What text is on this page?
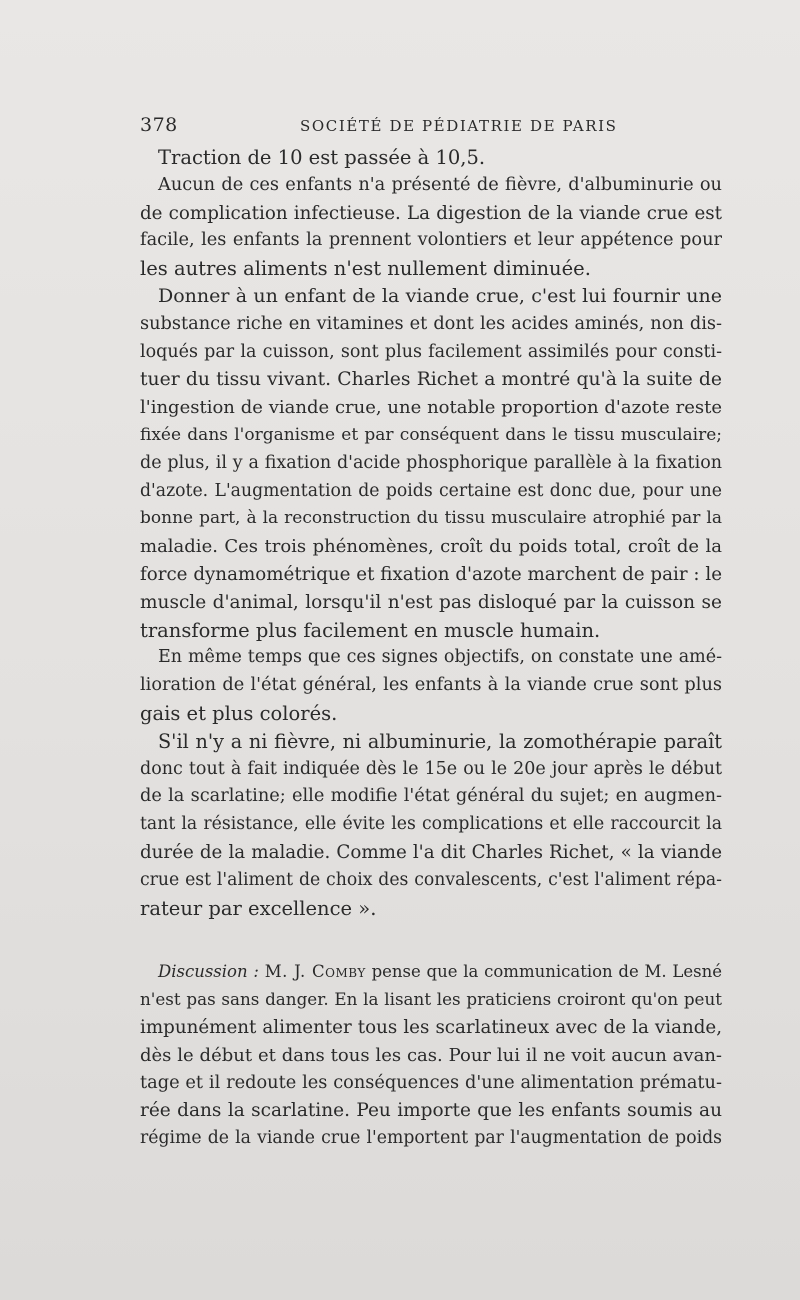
378	SOCIÉTÉ DE PÉDIATRIE DE PARIS
Traction de 10 est passée à 10,5.
Aucun de ces enfants n'a présenté de fièvre, d'albuminurie ou
de complication infectieuse. La digestion de la viande crue est
facile, les enfants la prennent volontiers et leur appétence pour
les autres aliments n'est nullement diminuée.
Donner à un enfant de la viande crue, c'est lui fournir une
substance riche en vitamines et dont les acides aminés, non dis-
loqués par la cuisson, sont plus facilement assimilés pour consti-
tuer du tissu vivant. Charles Richet a montré qu'à la suite de
l'ingestion de viande crue, une notable proportion d'azote reste
fixée dans l'organisme et par conséquent dans le tissu musculaire;
de plus, il y a fixation d'acide phosphorique parallèle à la fixation
d'azote. L'augmentation de poids certaine est donc due, pour une
bonne part, à la reconstruction du tissu musculaire atrophié par la
maladie. Ces trois phénomènes, croît du poids total, croît de la
force dynamométrique et fixation d'azote marchent de pair : le
muscle d'animal, lorsqu'il n'est pas disloqué par la cuisson se
transforme plus facilement en muscle humain.
En même temps que ces signes objectifs, on constate une amé-
lioration de l'état général, les enfants à la viande crue sont plus
gais et plus colorés.
S'il n'y a ni fièvre, ni albuminurie, la zomothérapie paraît
donc tout à fait indiquée dès le 15e ou le 20e jour après le début
de la scarlatine; elle modifie l'état général du sujet; en augmen-
tant la résistance, elle évite les complications et elle raccourcit la
durée de la maladie. Comme l'a dit Charles Richet, « la viande
crue est l'aliment de choix des convalescents, c'est l'aliment répa-
rateur par excellence ».
Discussion : M. J. Comby pense que la communication de M. Lesné
n'est pas sans danger. En la lisant les praticiens croiront qu'on peut
impunément alimenter tous les scarlatineux avec de la viande,
dès le début et dans tous les cas. Pour lui il ne voit aucun avan-
tage et il redoute les conséquences d'une alimentation prématu-
rée dans la scarlatine. Peu importe que les enfants soumis au
régime de la viande crue l'emportent par l'augmentation de poids
